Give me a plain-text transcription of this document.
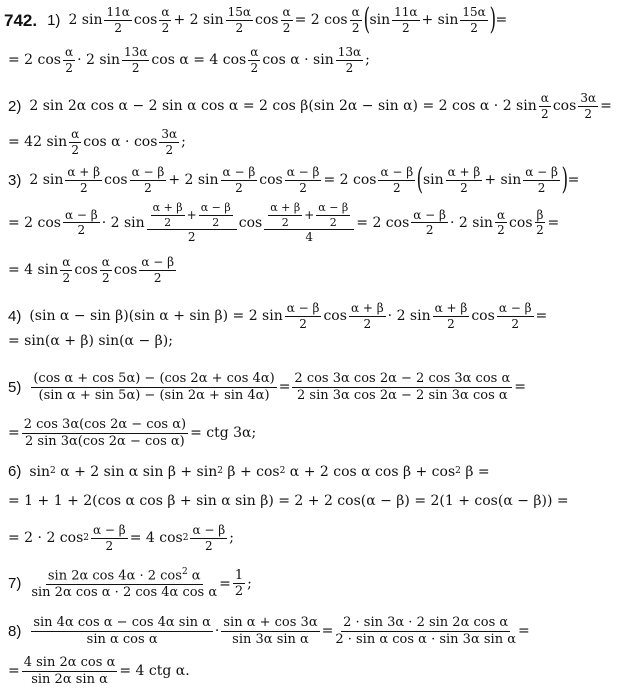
742. 1) 2 sin
11α
2 cos
α
2 + 2 sin
15α
2 $\cos \frac{\alpha}{2} = 2$ cos
α
2 ( sin
11α
2 + sin
15α
2 ) =
= 2 cos
α
2 · 2 sin
13α
2 cos α = 4 cos
α
2 cos α · sin
13α
2 ;
2) 2 sin 2α cos α − 2 sin α cos α = 2 cos β(sin 2α − sin α) = 2 cos α · 2 sin
α
2 $\cos \frac{3\alpha}{2}$ =
= 42 sin
α
2 cos α · cos
3α
2 ;
3) 2 sin
α + β
2 cos
α − β
2 + 2 sin
α − β
2 $\cos \frac{\alpha - \beta}{2} = 2$ cos
α − β
2 ( sin
α + β
2 + sin
α − β
2 ) =
= 2 cos
α − β
2 · 2 sin
α + β
2
+ $\frac{\alpha - \beta}{2}$
2
cos α + β
2
+ $\frac{\alpha - \beta}{2}$
4 = 2 cos
α − β
2 · 2 sin
α
2 $\cos \frac{\beta}{2}$ =
= 4 sin
α
2 cos
α
2 cos
α − β
2
4) (sin α − sin β)(sin α + sin β) = 2 sin
α − β
2 cos
α + β
2 · 2 sin
α + β
2 $\cos \frac{\alpha - \beta}{2}$ =
= sin(α + β) sin(α − β);
$5) \frac{\text{(cos α + cos 5α) − (cos 2α + cos 4α)}}{\text{(sin α + sin 5α) − (sin 2α + sin 4α)}} = \frac{\text{2 cos 3α cos 2α − 2 cos 3α cos α}}{\text{2 sin 3α cos 2α − 2 sin 3α cos α}}$ =
= $\frac{\text{2 cos 3α(cos 2α − cos α)}}{\text{2 sin 3α(cos 2α − cos α)}}$ = ctg 3α;
6) sin 2 α + 2 sin α sin β + sin 2 β + cos 2 α + 2 cos α cos β + cos 2 β =
= 1 + 1 + 2(cos α cos β + sin α sin β) = 2 + 2 cos(α − β) = 2(1 + cos(α − β)) =
= 2 · 2 $\cos 2 \frac{\alpha - \beta}{2} = 4$ cos 2
α − β
2 ;
$7) \frac{\sin 2\alpha \cos 4\alpha \cdot 2 \cos^2 \alpha}{\text{sin 2α cos α · 2 cos 4α cos α}} = \frac{1}{2}$ ;
8)
sin 4α cos α − cos 4α sin α
sin α cos α	· $\frac{\text{sin α + cos 3α}}{\text{sin 3α sin α}} = \frac{\text{2 · sin 3α · 2 sin 2α cos α}}{\text{2 · sin α cos α · sin 3α sin α}}$ =
= $\frac{\text{4 sin 2α cos α}}{\text{sin 2α sin α}} = 4$ ctg α.
